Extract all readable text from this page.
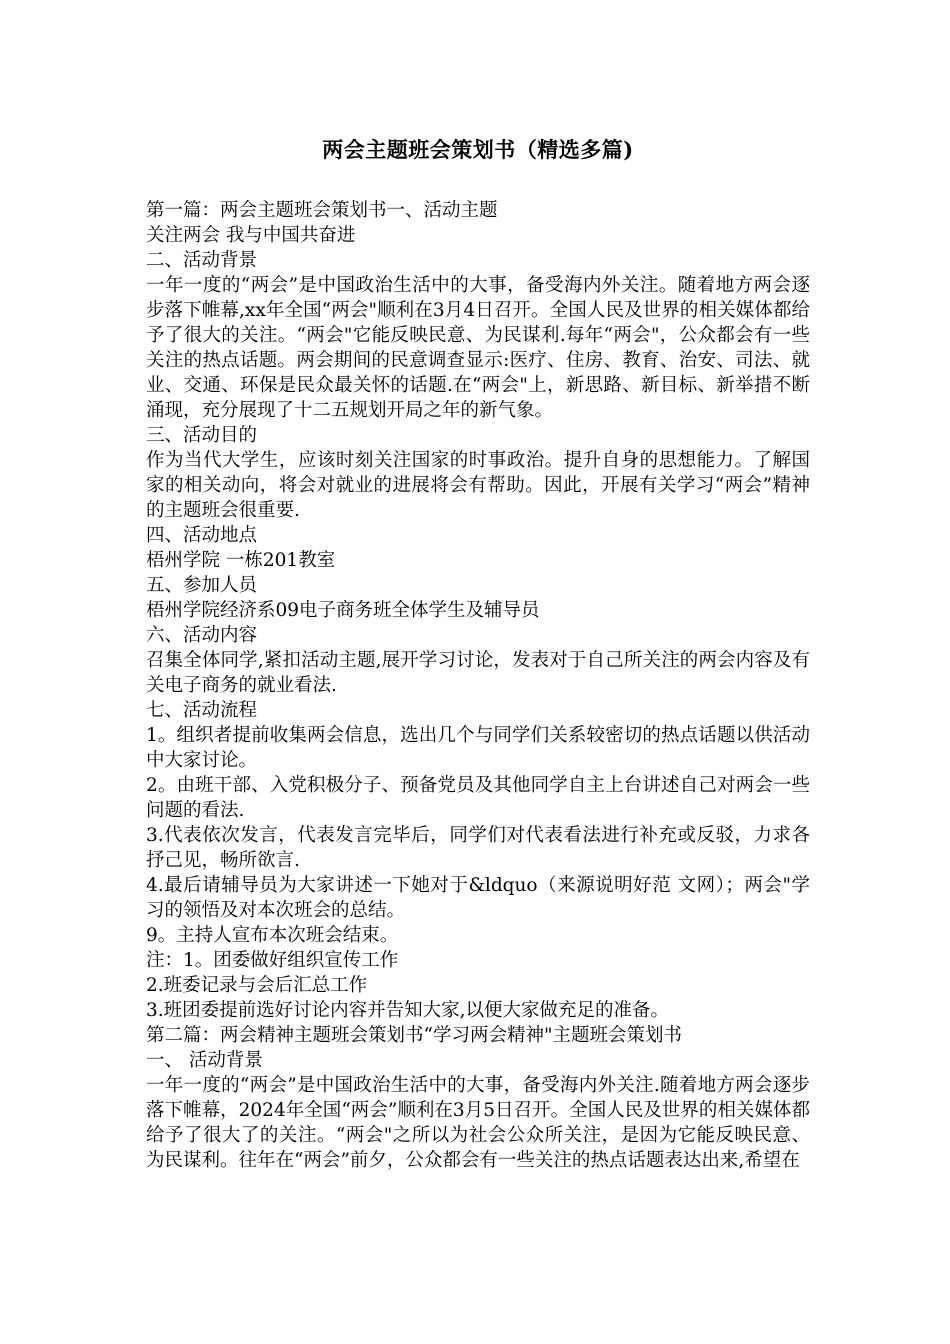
两会主题班会策划书（精选多篇)

第一篇：两会主题班会策划书一、活动主题

关注两会 我与中国共奋进

二、活动背景

一年一度的“两会”是中国政治生活中的大事，备受海内外关注。随着地方两会逐步落下帷幕,xx年全国“两会"顺利在3月4日召开。全国人民及世界的相关媒体都给予了很大的关注。“两会"它能反映民意、为民谋利.每年“两会"，公众都会有一些关注的热点话题。两会期间的民意调查显示:医疗、住房、教育、治安、司法、就业、交通、环保是民众最关怀的话题.在“两会"上，新思路、新目标、新举措不断涌现，充分展现了十二五规划开局之年的新气象。

三、活动目的

作为当代大学生，应该时刻关注国家的时事政治。提升自身的思想能力。了解国家的相关动向，将会对就业的进展将会有帮助。因此，开展有关学习“两会”精神的主题班会很重要.

四、活动地点

梧州学院 一栋201教室

五、参加人员

梧州学院经济系09电子商务班全体学生及辅导员

六、活动内容

召集全体同学,紧扣活动主题,展开学习讨论，发表对于自己所关注的两会内容及有关电子商务的就业看法.

七、活动流程

1。组织者提前收集两会信息，选出几个与同学们关系较密切的热点话题以供活动中大家讨论。

2。由班干部、入党积极分子、预备党员及其他同学自主上台讲述自己对两会一些问题的看法.

3.代表依次发言，代表发言完毕后，同学们对代表看法进行补充或反驳，力求各抒己见，畅所欲言.

4.最后请辅导员为大家讲述一下她对于&ldquo（来源说明好范 文网）；两会"学习的领悟及对本次班会的总结。

9。主持人宣布本次班会结束。

注：1。团委做好组织宣传工作

2.班委记录与会后汇总工作

3.班团委提前选好讨论内容并告知大家,以便大家做充足的准备。

第二篇：两会精神主题班会策划书“学习两会精神"主题班会策划书

一、 活动背景

一年一度的“两会”是中国政治生活中的大事，备受海内外关注.随着地方两会逐步落下帷幕，2024年全国“两会”顺利在3月5日召开。全国人民及世界的相关媒体都给予了很大了的关注。“两会"之所以为社会公众所关注，是因为它能反映民意、为民谋利。往年在“两会”前夕，公众都会有一些关注的热点话题表达出来,希望在
